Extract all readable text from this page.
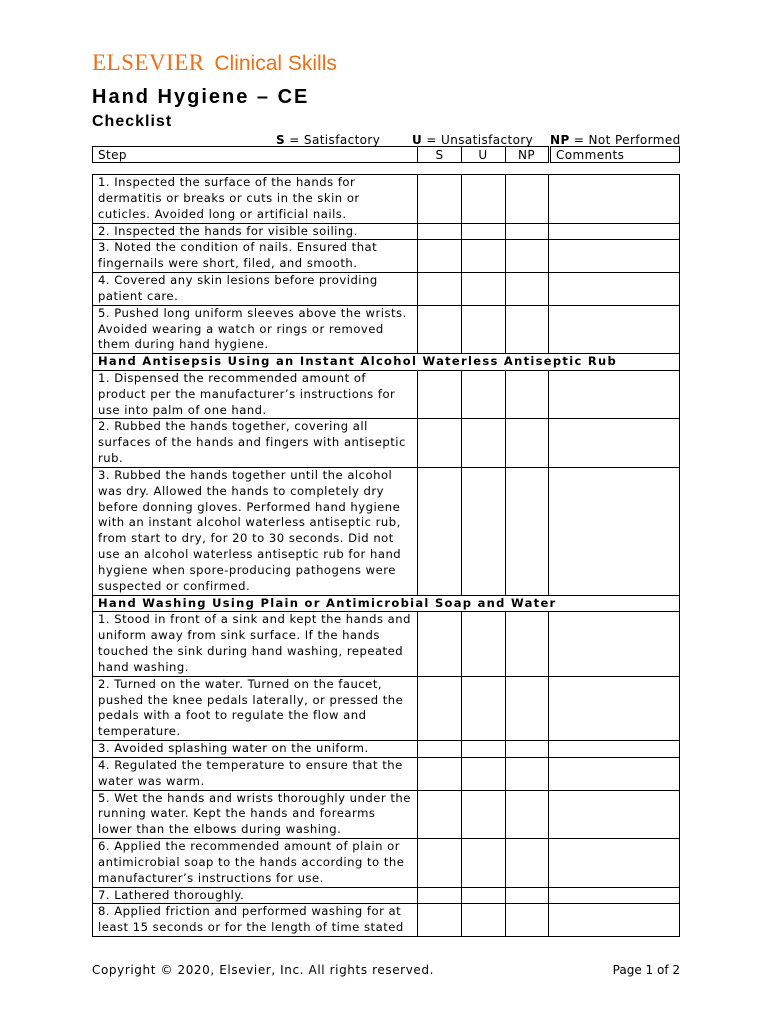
ELSEVIER Clinical Skills
Hand Hygiene – CE
Checklist
S = Satisfactory	U = Unsatisfactory NP = Not Performed
Step	S	U	NP	Comments
1. Inspected the surface of the hands for dermatitis or breaks or cuts in the skin or cuticles. Avoided long or artificial nails.
2. Inspected the hands for visible soiling.
3. Noted the condition of nails. Ensured that fingernails were short, filed, and smooth.
4. Covered any skin lesions before providing patient care.
5. Pushed long uniform sleeves above the wrists. Avoided wearing a watch or rings or removed them during hand hygiene.
Hand Antisepsis Using an Instant Alcohol Waterless Antiseptic Rub
1. Dispensed the recommended amount of product per the manufacturer’s instructions for use into palm of one hand.
2. Rubbed the hands together, covering all surfaces of the hands and fingers with antiseptic rub.
3. Rubbed the hands together until the alcohol was dry. Allowed the hands to completely dry before donning gloves. Performed hand hygiene with an instant alcohol waterless antiseptic rub, from start to dry, for 20 to 30 seconds. Did not use an alcohol waterless antiseptic rub for hand hygiene when spore-producing pathogens were suspected or confirmed.
Hand Washing Using Plain or Antimicrobial Soap and Water
1. Stood in front of a sink and kept the hands and uniform away from sink surface. If the hands touched the sink during hand washing, repeated hand washing.
2. Turned on the water. Turned on the faucet, pushed the knee pedals laterally, or pressed the pedals with a foot to regulate the flow and temperature.
3. Avoided splashing water on the uniform.
4. Regulated the temperature to ensure that the water was warm.
5. Wet the hands and wrists thoroughly under the running water. Kept the hands and forearms lower than the elbows during washing.
6. Applied the recommended amount of plain or antimicrobial soap to the hands according to the manufacturer’s instructions for use.
7. Lathered thoroughly.
8. Applied friction and performed washing for at least 15 seconds or for the length of time stated
Copyright © 2020, Elsevier, Inc. All rights reserved.	Page 1 of 2
